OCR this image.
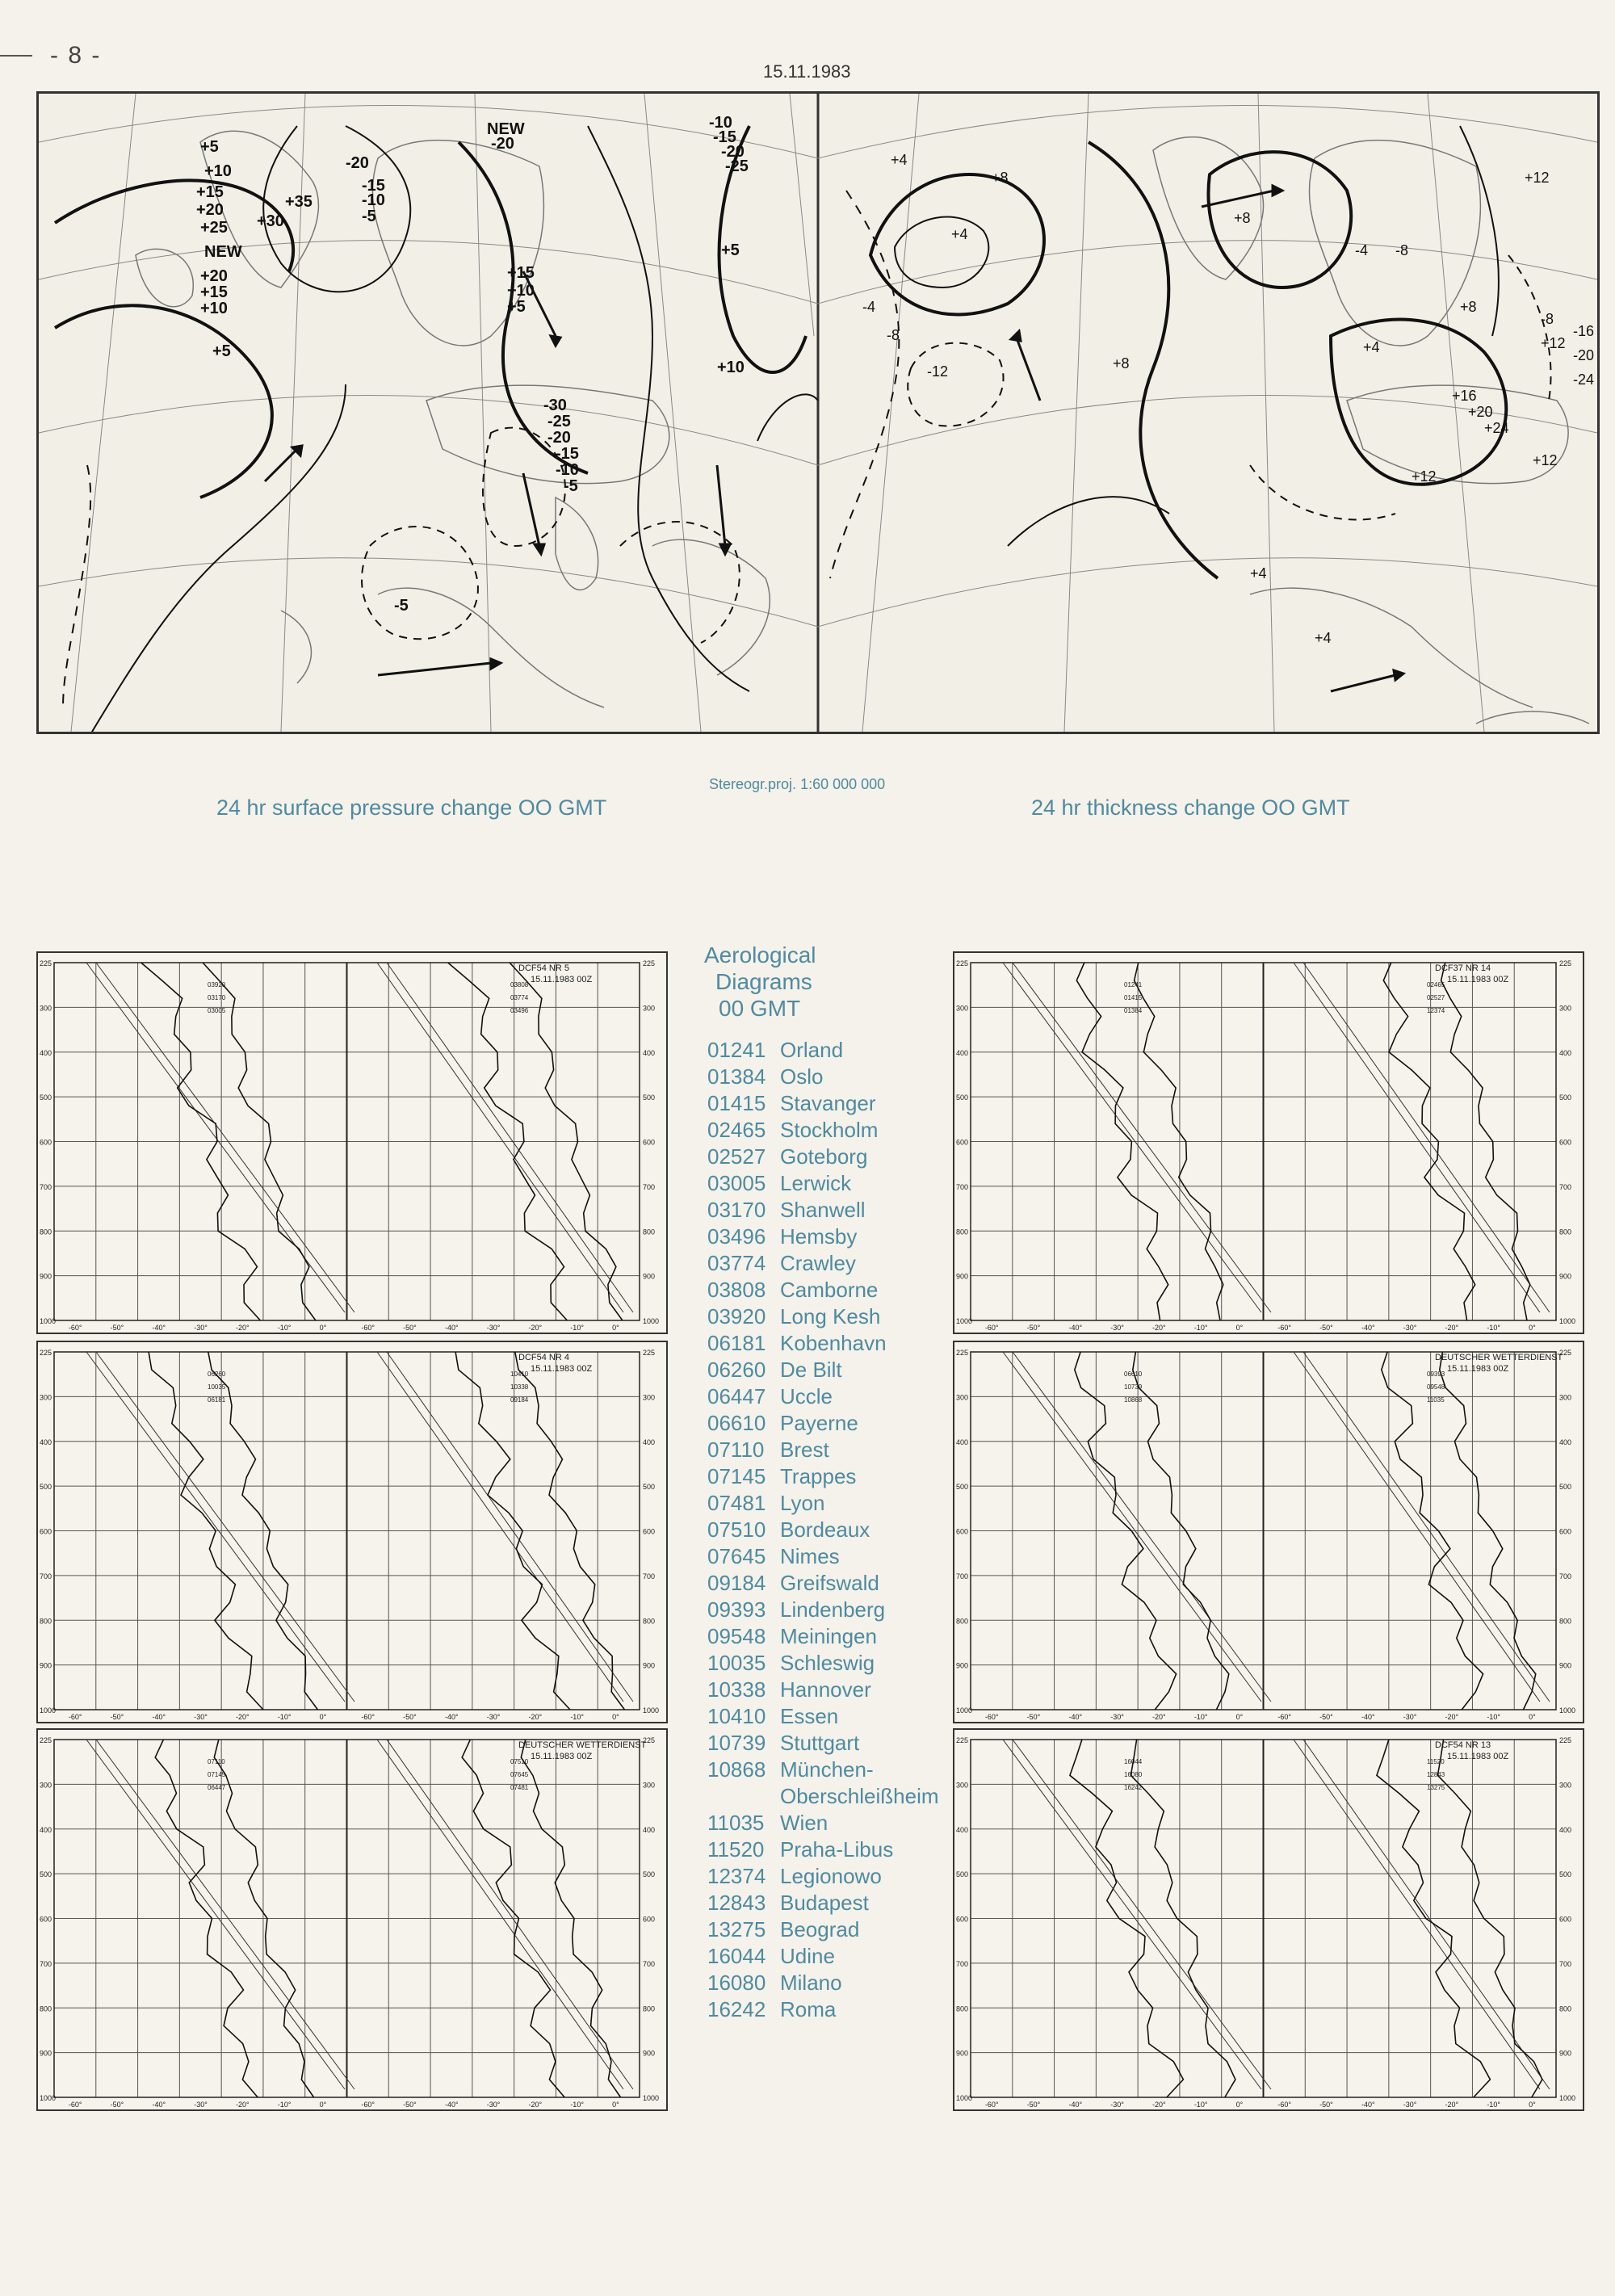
- 8 -
15.11.1983
+5
+10
+15
+20
+25 +30
+35
+20
+15
+10
+5
NEW
-20
-15
-10
-5
NEW
-20
-10
-15
-20
-25
+15
+10
+5
+5
+10
-30
-25
-20
-15
-10
-5
-5
+4
+8
+4
-4
-8
-12
+8
-4 -8
+4
+8
+12
-8
+12
+16
+20
+24
+12
-16
-20
-24
+12
+8
+4
+4
Stereogr.proj. 1:60 000 000
24 hr surface pressure change OO GMT	24 hr thickness change OO GMT
225	225
300	300
400	400
500	500
600	600
700	700
800	800
900	900
1000	1000
-60°	-50°	-40°	-30°	-20°	-10°	0°	-60°	-50°	-40°	-30°	-20°	-10°	0°
DCF54 NR 5
15.11.1983 00Z
03920
03170
03005
03808
03774
03496
225	225
300	300
400	400
500	500
600	600
700	700
800	800
900	900
1000	1000
-60°	-50°	-40°	-30°	-20°	-10°	0°	-60°	-50°	-40°	-30°	-20°	-10°	0°
DCF54 NR 4
15.11.1983 00Z
06260
10035
06181
10410
10338
09184
225	225
300	300
400	400
500	500
600	600
700	700
800	800
900	900
1000	1000
-60°	-50°	-40°	-30°	-20°	-10°	0°	-60°	-50°	-40°	-30°	-20°	-10°	0°
DEUTSCHER WETTERDIENST
15.11.1983 00Z
07110
07145
06447
07510
07645
07481
225	225
300	300
400	400
500	500
600	600
700	700
800	800
900	900
1000	1000
-60°	-50°	-40°	-30°	-20°	-10°	0°	-60°	-50°	-40°	-30°	-20°	-10°	0°
DCF37 NR 14
15.11.1983 00Z
01241
01415
01384
02465
02527
12374
225	225
300	300
400	400
500	500
600	600
700	700
800	800
900	900
1000	1000
-60°	-50°	-40°	-30°	-20°	-10°	0°	-60°	-50°	-40°	-30°	-20°	-10°	0°
DEUTSCHER WETTERDIENST
15.11.1983 00Z
06610
10739
10868
09393
09548
11035
225	225
300	300
400	400
500	500
600	600
700	700
800	800
900	900
1000	1000
-60°	-50°	-40°	-30°	-20°	-10°	0°	-60°	-50°	-40°	-30°	-20°	-10°	0°
DCF54 NR 13
15.11.1983 00Z
16044
16080
16242
11520
12843
13275
Aerological
Diagrams
00 GMT
01241 Orland
01384 Oslo
01415 Stavanger
02465 Stockholm
02527 Goteborg
03005 Lerwick
03170 Shanwell
03496 Hemsby
03774 Crawley
03808 Camborne
03920 Long Kesh
06181 Kobenhavn
06260 De Bilt
06447 Uccle
06610 Payerne
07110 Brest
07145 Trappes
07481 Lyon
07510 Bordeaux
07645 Nimes
09184 Greifswald
09393 Lindenberg
09548 Meiningen
10035 Schleswig
10338 Hannover
10410 Essen
10739 Stuttgart
10868 München-
Oberschleißheim
11035 Wien
11520 Praha-Libus
12374 Legionowo
12843 Budapest
13275 Beograd
16044 Udine
16080 Milano
16242 Roma
